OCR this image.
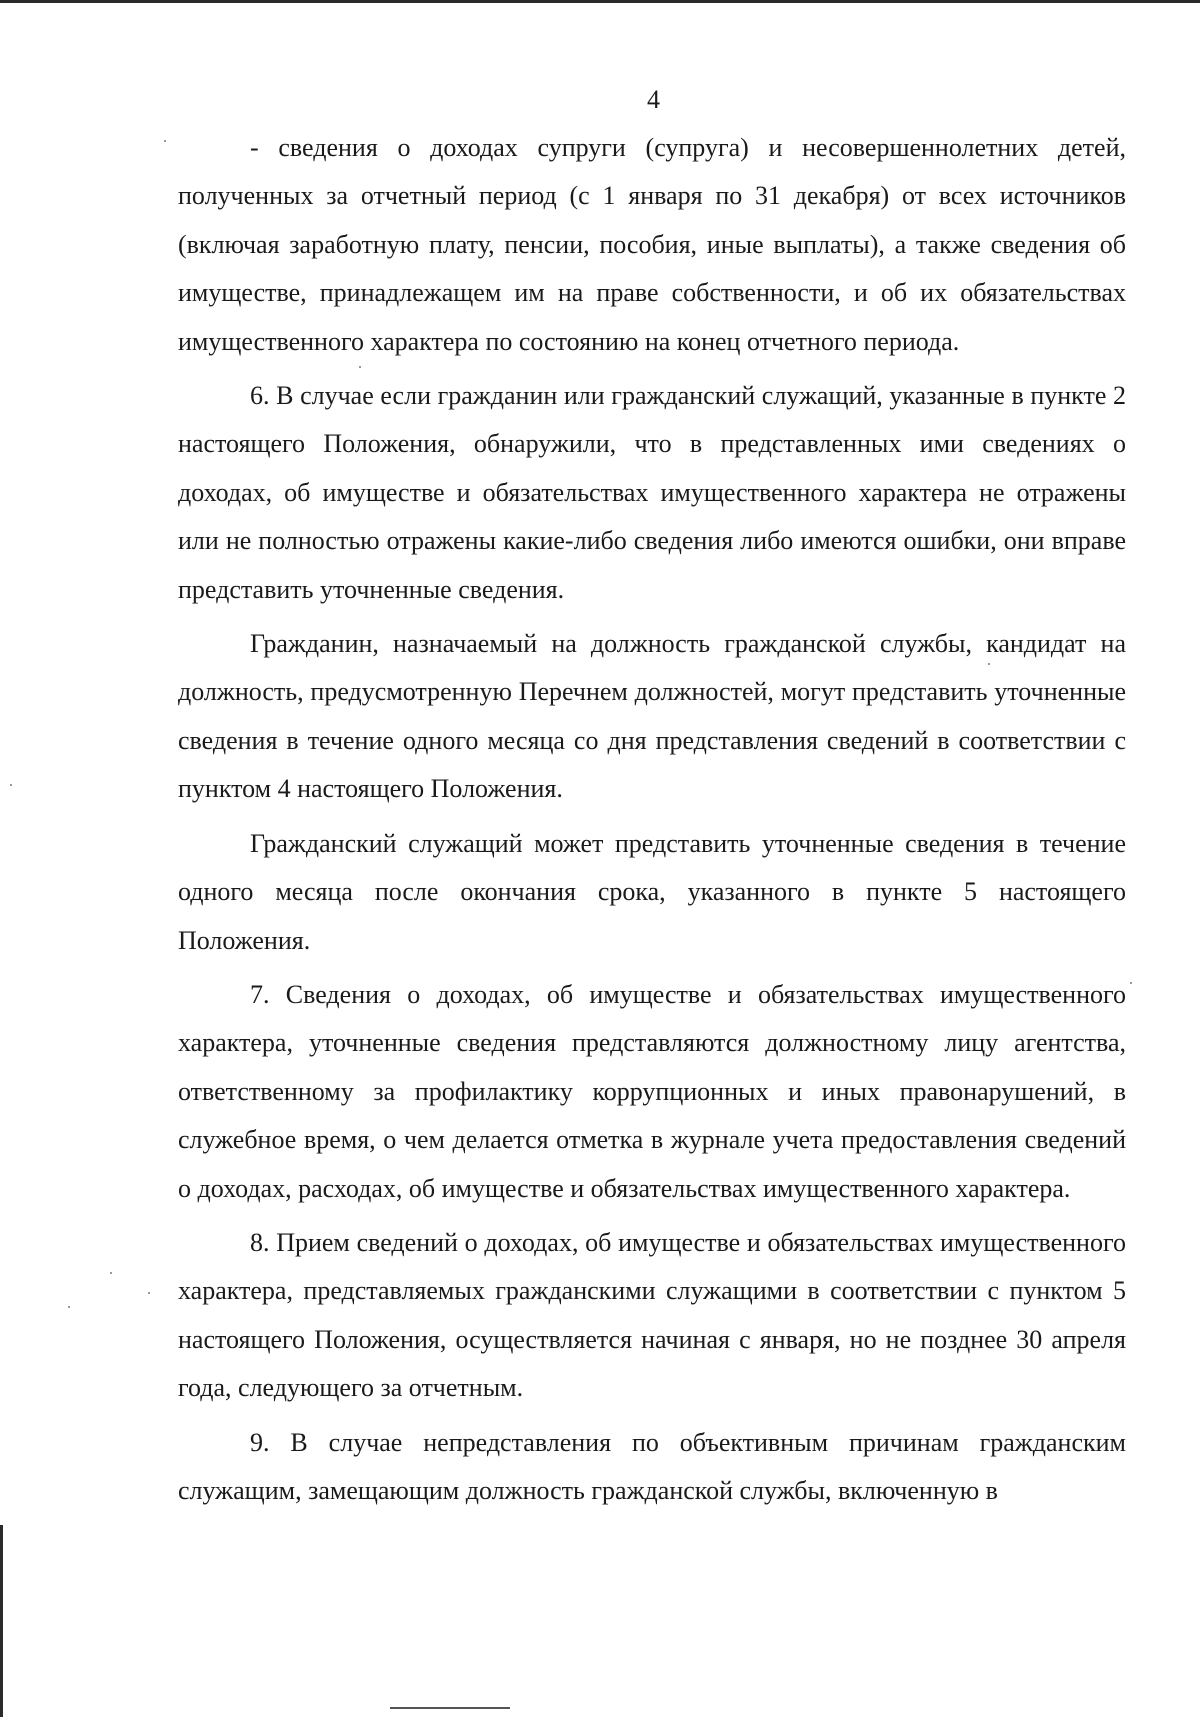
4

- сведения о доходах супруги (супруга) и несовершеннолетних детей, полученных за отчетный период (с 1 января по 31 декабря) от всех источников (включая заработную плату, пенсии, пособия, иные выплаты), а также сведения об имуществе, принадлежащем им на праве собственности, и об их обязательствах имущественного характера по состоянию на конец отчетного периода.

6. В случае если гражданин или гражданский служащий, указанные в пункте 2 настоящего Положения, обнаружили, что в представленных ими сведениях о доходах, об имуществе и обязательствах имущественного характера не отражены или не полностью отражены какие-либо сведения либо имеются ошибки, они вправе представить уточненные сведения.

Гражданин, назначаемый на должность гражданской службы, кандидат на должность, предусмотренную Перечнем должностей, могут представить уточненные сведения в течение одного месяца со дня представления сведений в соответствии с пунктом 4 настоящего Положения.

Гражданский служащий может представить уточненные сведения в течение одного месяца после окончания срока, указанного в пункте 5 настоящего Положения.

7. Сведения о доходах, об имуществе и обязательствах имущественного характера, уточненные сведения представляются должностному лицу агентства, ответственному за профилактику коррупционных и иных правонарушений, в служебное время, о чем делается отметка в журнале учета предоставления сведений о доходах, расходах, об имуществе и обязательствах имущественного характера.

8. Прием сведений о доходах, об имуществе и обязательствах имущественного характера, представляемых гражданскими служащими в соответствии с пунктом 5 настоящего Положения, осуществляется начиная с января, но не позднее 30 апреля года, следующего за отчетным.

9. В случае непредставления по объективным причинам гражданским служащим, замещающим должность гражданской службы, включенную в
